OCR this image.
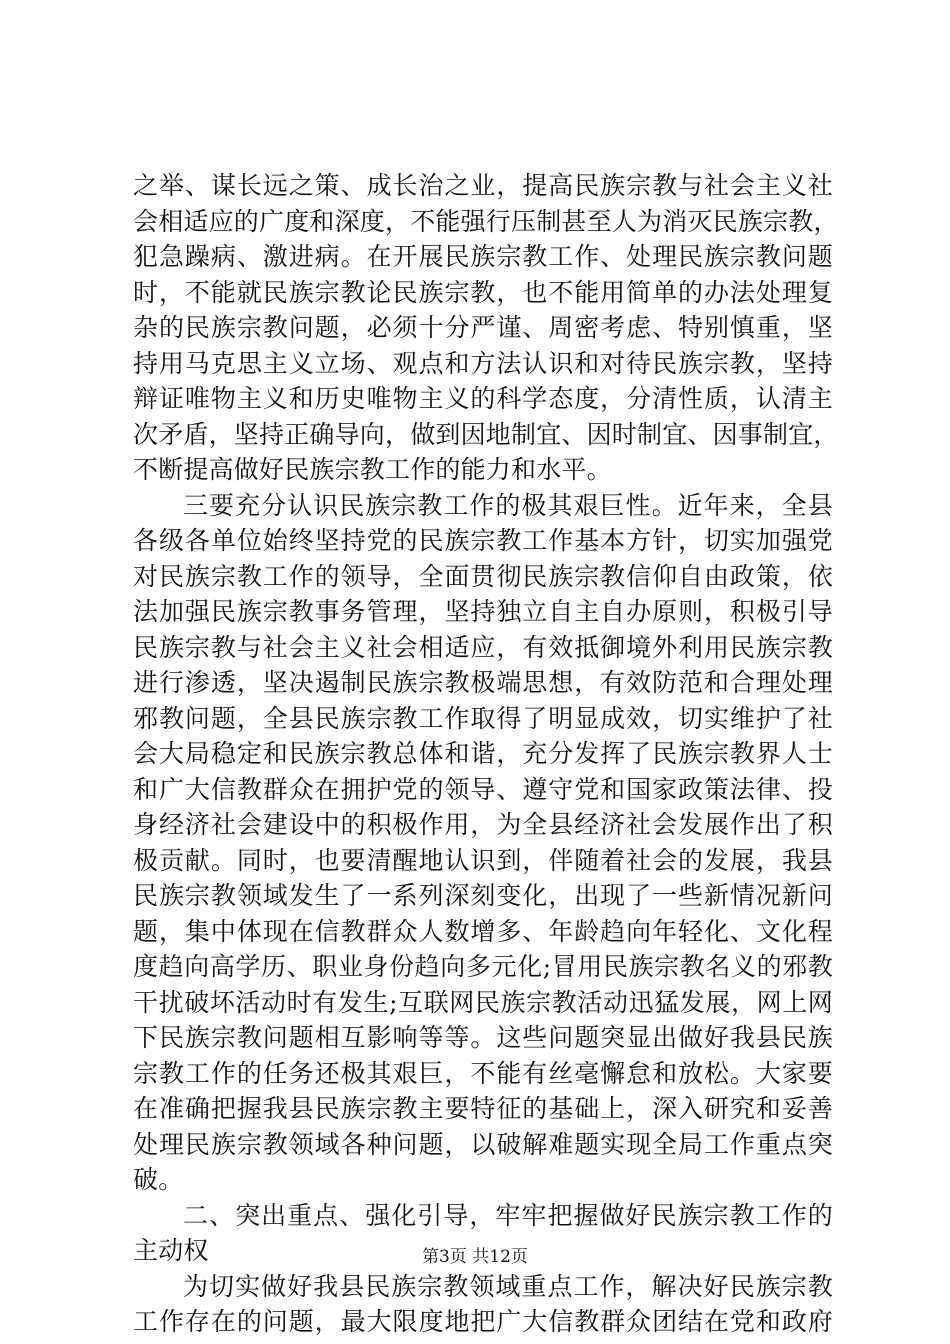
之举、谋长远之策、成长治之业，提高民族宗教与社会主义社
会相适应的广度和深度，不能强行压制甚至人为消灭民族宗教，
犯急躁病、激进病。在开展民族宗教工作、处理民族宗教问题
时，不能就民族宗教论民族宗教，也不能用简单的办法处理复
杂的民族宗教问题，必须十分严谨、周密考虑、特别慎重，坚
持用马克思主义立场、观点和方法认识和对待民族宗教，坚持
辩证唯物主义和历史唯物主义的科学态度，分清性质，认清主
次矛盾，坚持正确导向，做到因地制宜、因时制宜、因事制宜，
不断提高做好民族宗教工作的能力和水平。
三要充分认识民族宗教工作的极其艰巨性。近年来，全县
各级各单位始终坚持党的民族宗教工作基本方针，切实加强党
对民族宗教工作的领导，全面贯彻民族宗教信仰自由政策，依
法加强民族宗教事务管理，坚持独立自主自办原则，积极引导
民族宗教与社会主义社会相适应，有效抵御境外利用民族宗教
进行渗透，坚决遏制民族宗教极端思想，有效防范和合理处理
邪教问题，全县民族宗教工作取得了明显成效，切实维护了社
会大局稳定和民族宗教总体和谐，充分发挥了民族宗教界人士
和广大信教群众在拥护党的领导、遵守党和国家政策法律、投
身经济社会建设中的积极作用，为全县经济社会发展作出了积
极贡献。同时，也要清醒地认识到，伴随着社会的发展，我县
民族宗教领域发生了一系列深刻变化，出现了一些新情况新问
题，集中体现在信教群众人数增多、年龄趋向年轻化、文化程
度趋向高学历、职业身份趋向多元化;冒用民族宗教名义的邪教
干扰破坏活动时有发生;互联网民族宗教活动迅猛发展，网上网
下民族宗教问题相互影响等等。这些问题突显出做好我县民族
宗教工作的任务还极其艰巨，不能有丝毫懈怠和放松。大家要
在准确把握我县民族宗教主要特征的基础上，深入研究和妥善
处理民族宗教领域各种问题，以破解难题实现全局工作重点突
破。
二、突出重点、强化引导，牢牢把握做好民族宗教工作的
主动权
为切实做好我县民族宗教领域重点工作，解决好民族宗教
工作存在的问题，最大限度地把广大信教群众团结在党和政府
第3页 共12页
